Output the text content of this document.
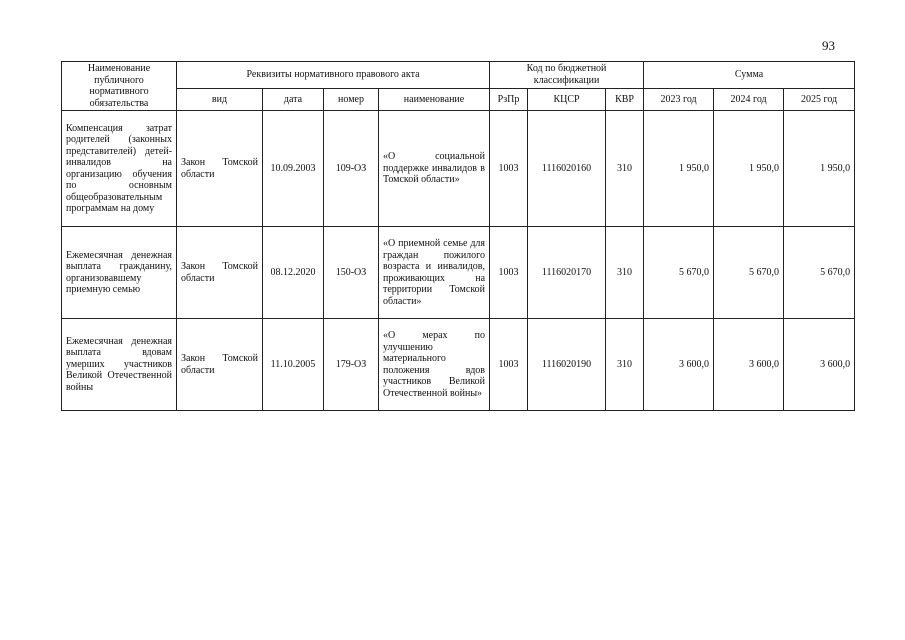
93
Наименование публичного нормативного обязательства	Реквизиты нормативного правового акта				Код по бюджетной классификации			Сумма		
	вид	дата	номер	наименование	РзПр	КЦСР	КВР	2023 год	2024 год	2025 год
Компенсация затрат родителей (законных представителей) детей-инвалидов на организацию обучения по основным общеобразовательным программам на дому	Закон Томской области	10.09.2003	109-ОЗ	«О социальной поддержке инвалидов в Томской области»	1003	1116020160	310	1 950,0	1 950,0	1 950,0
Ежемесячная денежная выплата гражданину, организовавшему приемную семью	Закон Томской области	08.12.2020	150-ОЗ	«О приемной семье для граждан пожилого возраста и инвалидов, проживающих на территории Томской области»	1003	1116020170	310	5 670,0	5 670,0	5 670,0
Ежемесячная денежная выплата вдовам умерших участников Великой Отечественной войны	Закон Томской области	11.10.2005	179-ОЗ	«О мерах по улучшению материального положения вдов участников Великой Отечественной войны»	1003	1116020190	310	3 600,0	3 600,0	3 600,0
